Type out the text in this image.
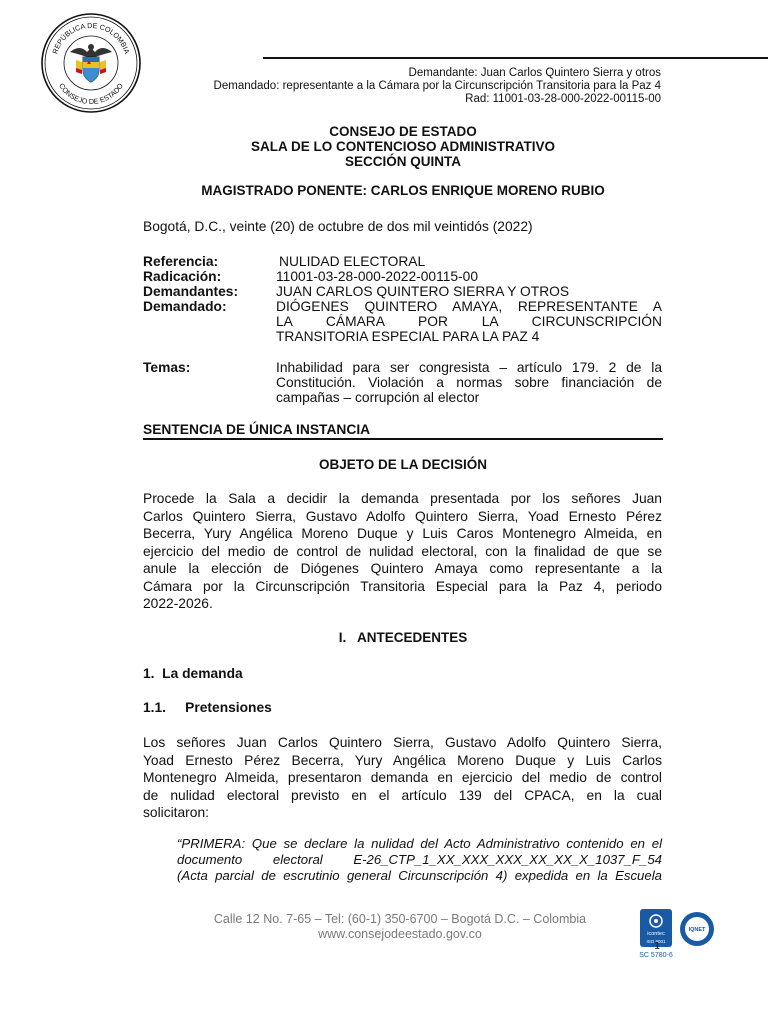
REPÚBLICA DE COLOMBIA
CONSEJO DE ESTADO
Demandante: Juan Carlos Quintero Sierra y otros
Demandado: representante a la Cámara por la Circunscripción Transitoria para la Paz 4
Rad: 11001-03-28-000-2022-00115-00
CONSEJO DE ESTADO
SALA DE LO CONTENCIOSO ADMINISTRATIVO
SECCIÓN QUINTA
MAGISTRADO PONENTE: CARLOS ENRIQUE MORENO RUBIO
Bogotá, D.C., veinte (20) de octubre de dos mil veintidós (2022)
Referencia:	NULIDAD ELECTORAL
Radicación:	11001-03-28-000-2022-00115-00
Demandantes:	JUAN CARLOS QUINTERO SIERRA Y OTROS
Demandado:	DIÓGENES QUINTERO AMAYA, REPRESENTANTE A
LA CÁMARA POR LA CIRCUNSCRIPCIÓN
TRANSITORIA ESPECIAL PARA LA PAZ 4
Temas:	Inhabilidad para ser congresista – artículo 179. 2 de la
Constitución. Violación a normas sobre financiación de
campañas – corrupción al elector
SENTENCIA DE ÚNICA INSTANCIA
OBJETO DE LA DECISIÓN
Procede la Sala a decidir la demanda presentada por los señores Juan
Carlos Quintero Sierra, Gustavo Adolfo Quintero Sierra, Yoad Ernesto Pérez
Becerra, Yury Angélica Moreno Duque y Luis Caros Montenegro Almeida, en
ejercicio del medio de control de nulidad electoral, con la finalidad de que se
anule la elección de Diógenes Quintero Amaya como representante a la
Cámara por la Circunscripción Transitoria Especial para la Paz 4, periodo
2022-2026.
I.   ANTECEDENTES
1.  La demanda
1.1.     Pretensiones
Los señores Juan Carlos Quintero Sierra, Gustavo Adolfo Quintero Sierra,
Yoad Ernesto Pérez Becerra, Yury Angélica Moreno Duque y Luis Carlos
Montenegro Almeida, presentaron demanda en ejercicio del medio de control
de nulidad electoral previsto en el artículo 139 del CPACA, en la cual
solicitaron:
“PRIMERA: Que se declare la nulidad del Acto Administrativo contenido en el
documento electoral E-26_CTP_1_XX_XXX_XXX_XX_XX_X_1037_F_54
(Acta parcial de escrutinio general Circunscripción 4) expedida en la Escuela
Calle 12 No. 7-65 – Tel: (60-1) 350-6700 – Bogotá D.C. – Colombia
www.consejodeestado.gov.co	icontec
ISO 9001
1
SC 5780-6
IQNET
